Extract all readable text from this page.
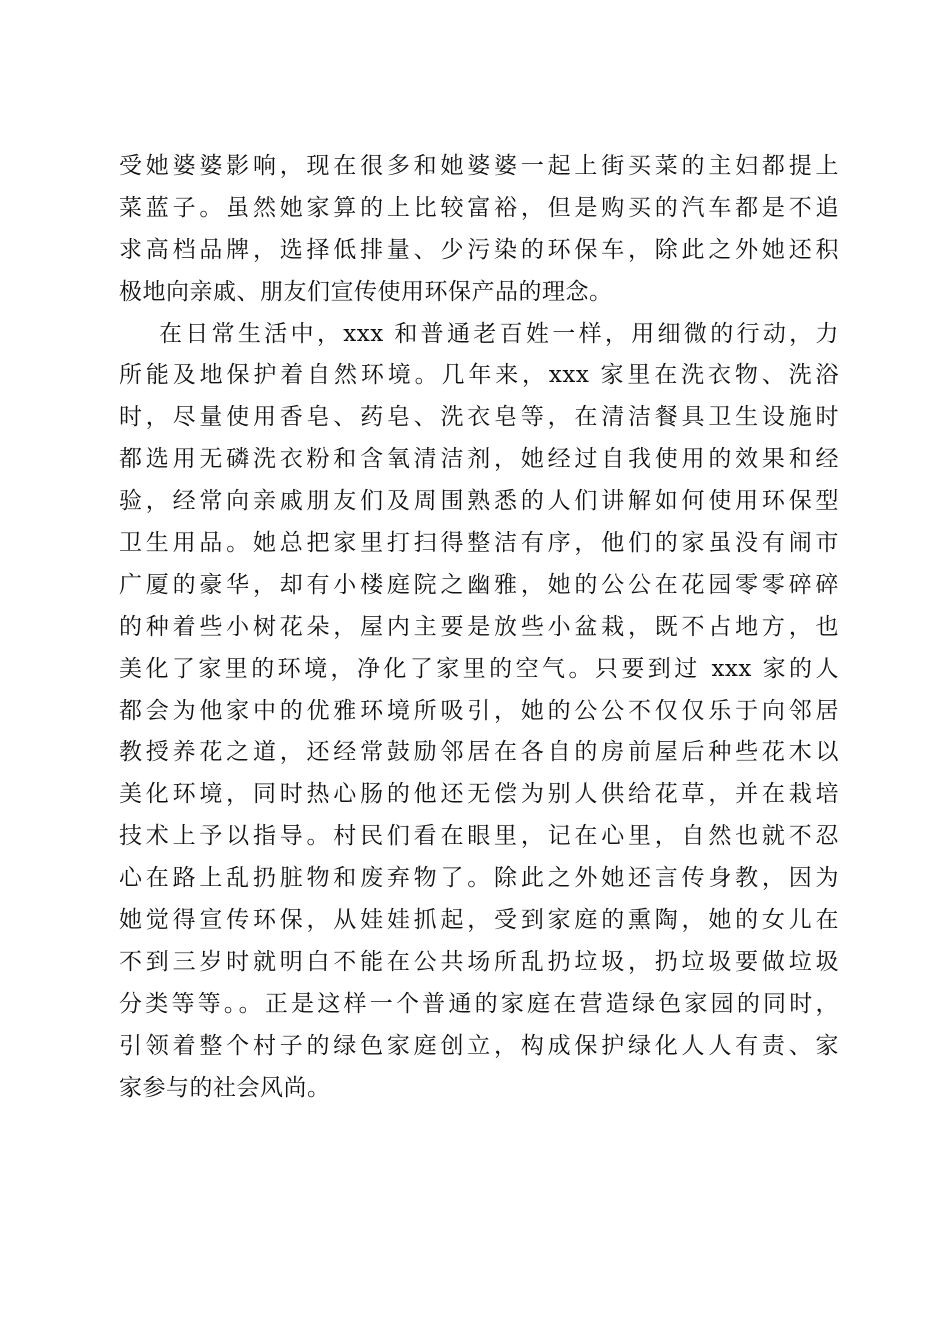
受她婆婆影响，现在很多和她婆婆一起上街买菜的主妇都提上
菜蓝子。虽然她家算的上比较富裕，但是购买的汽车都是不追
求高档品牌，选择低排量、少污染的环保车，除此之外她还积
极地向亲戚、朋友们宣传使用环保产品的理念。
在日常生活中，xxx 和普通老百姓一样，用细微的行动，力
所能及地保护着自然环境。几年来，xxx 家里在洗衣物、洗浴
时，尽量使用香皂、药皂、洗衣皂等，在清洁餐具卫生设施时
都选用无磷洗衣粉和含氧清洁剂，她经过自我使用的效果和经
验，经常向亲戚朋友们及周围熟悉的人们讲解如何使用环保型
卫生用品。她总把家里打扫得整洁有序，他们的家虽没有闹市
广厦的豪华，却有小楼庭院之幽雅，她的公公在花园零零碎碎
的种着些小树花朵，屋内主要是放些小盆栽，既不占地方，也
美化了家里的环境，净化了家里的空气。只要到过 xxx 家的人
都会为他家中的优雅环境所吸引，她的公公不仅仅乐于向邻居
教授养花之道，还经常鼓励邻居在各自的房前屋后种些花木以
美化环境，同时热心肠的他还无偿为别人供给花草，并在栽培
技术上予以指导。村民们看在眼里，记在心里，自然也就不忍
心在路上乱扔脏物和废弃物了。除此之外她还言传身教，因为
她觉得宣传环保，从娃娃抓起，受到家庭的熏陶，她的女儿在
不到三岁时就明白不能在公共场所乱扔垃圾，扔垃圾要做垃圾
分类等等。。正是这样一个普通的家庭在营造绿色家园的同时，
引领着整个村子的绿色家庭创立，构成保护绿化人人有责、家
家参与的社会风尚。
